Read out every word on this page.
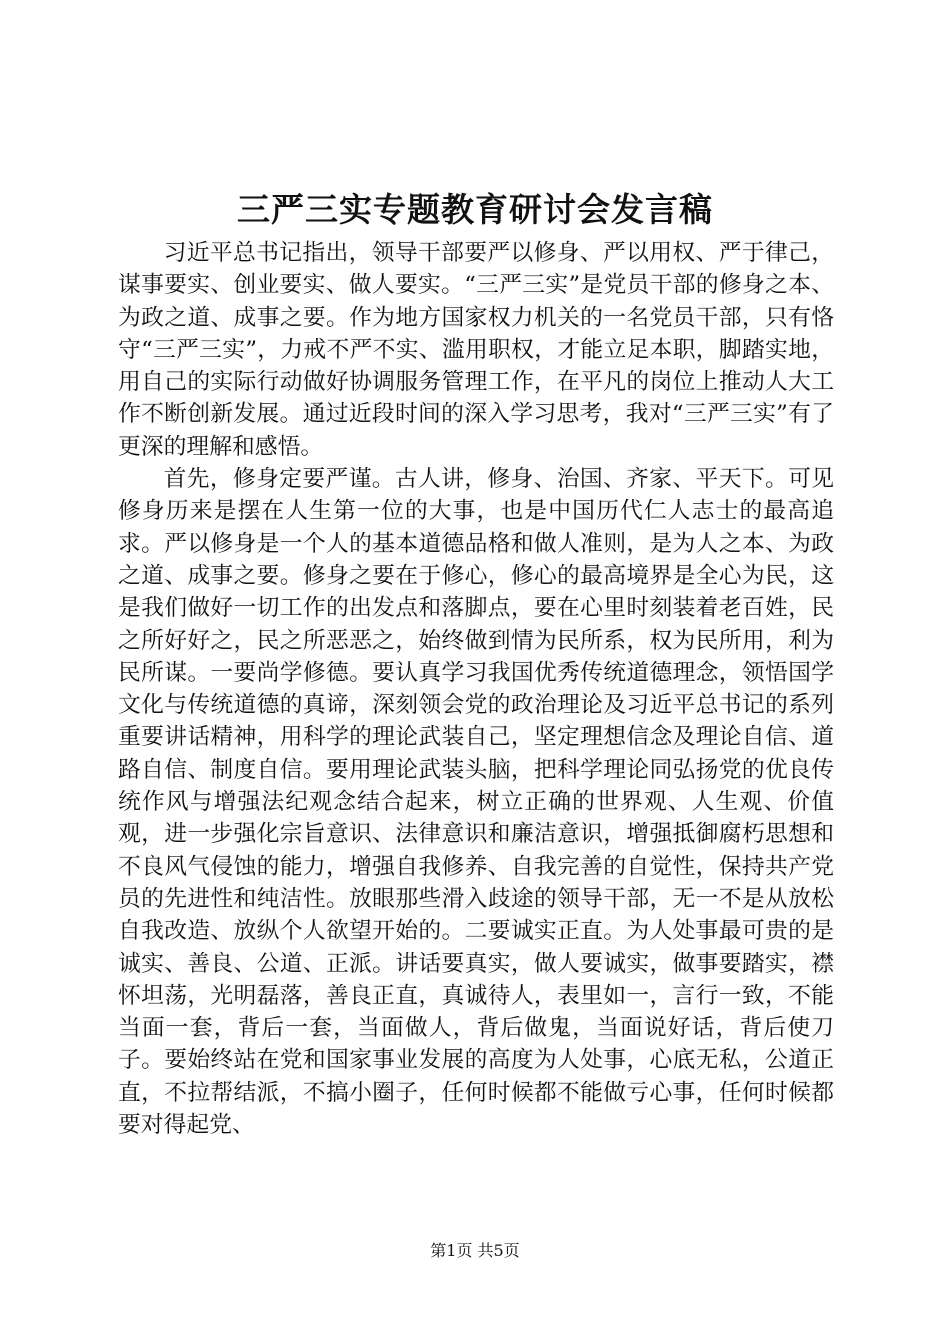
三严三实专题教育研讨会发言稿

习近平总书记指出，领导干部要严以修身、严以用权、严于律己，谋事要实、创业要实、做人要实。“三严三实”是党员干部的修身之本、为政之道、成事之要。作为地方国家权力机关的一名党员干部，只有恪守“三严三实”，力戒不严不实、滥用职权，才能立足本职，脚踏实地，用自己的实际行动做好协调服务管理工作，在平凡的岗位上推动人大工作不断创新发展。通过近段时间的深入学习思考，我对“三严三实”有了更深的理解和感悟。

首先，修身定要严谨。古人讲，修身、治国、齐家、平天下。可见修身历来是摆在人生第一位的大事，也是中国历代仁人志士的最高追求。严以修身是一个人的基本道德品格和做人准则，是为人之本、为政之道、成事之要。修身之要在于修心，修心的最高境界是全心为民，这是我们做好一切工作的出发点和落脚点，要在心里时刻装着老百姓，民之所好好之，民之所恶恶之，始终做到情为民所系，权为民所用，利为民所谋。一要尚学修德。要认真学习我国优秀传统道德理念，领悟国学文化与传统道德的真谛，深刻领会党的政治理论及习近平总书记的系列重要讲话精神，用科学的理论武装自己，坚定理想信念及理论自信、道路自信、制度自信。要用理论武装头脑，把科学理论同弘扬党的优良传统作风与增强法纪观念结合起来，树立正确的世界观、人生观、价值观，进一步强化宗旨意识、法律意识和廉洁意识，增强抵御腐朽思想和不良风气侵蚀的能力，增强自我修养、自我完善的自觉性，保持共产党员的先进性和纯洁性。放眼那些滑入歧途的领导干部，无一不是从放松自我改造、放纵个人欲望开始的。二要诚实正直。为人处事最可贵的是诚实、善良、公道、正派。讲话要真实，做人要诚实，做事要踏实，襟怀坦荡，光明磊落，善良正直，真诚待人，表里如一，言行一致，不能当面一套，背后一套，当面做人，背后做鬼，当面说好话，背后使刀子。要始终站在党和国家事业发展的高度为人处事，心底无私，公道正直，不拉帮结派，不搞小圈子，任何时候都不能做亏心事，任何时候都要对得起党、

第1页 共5页
